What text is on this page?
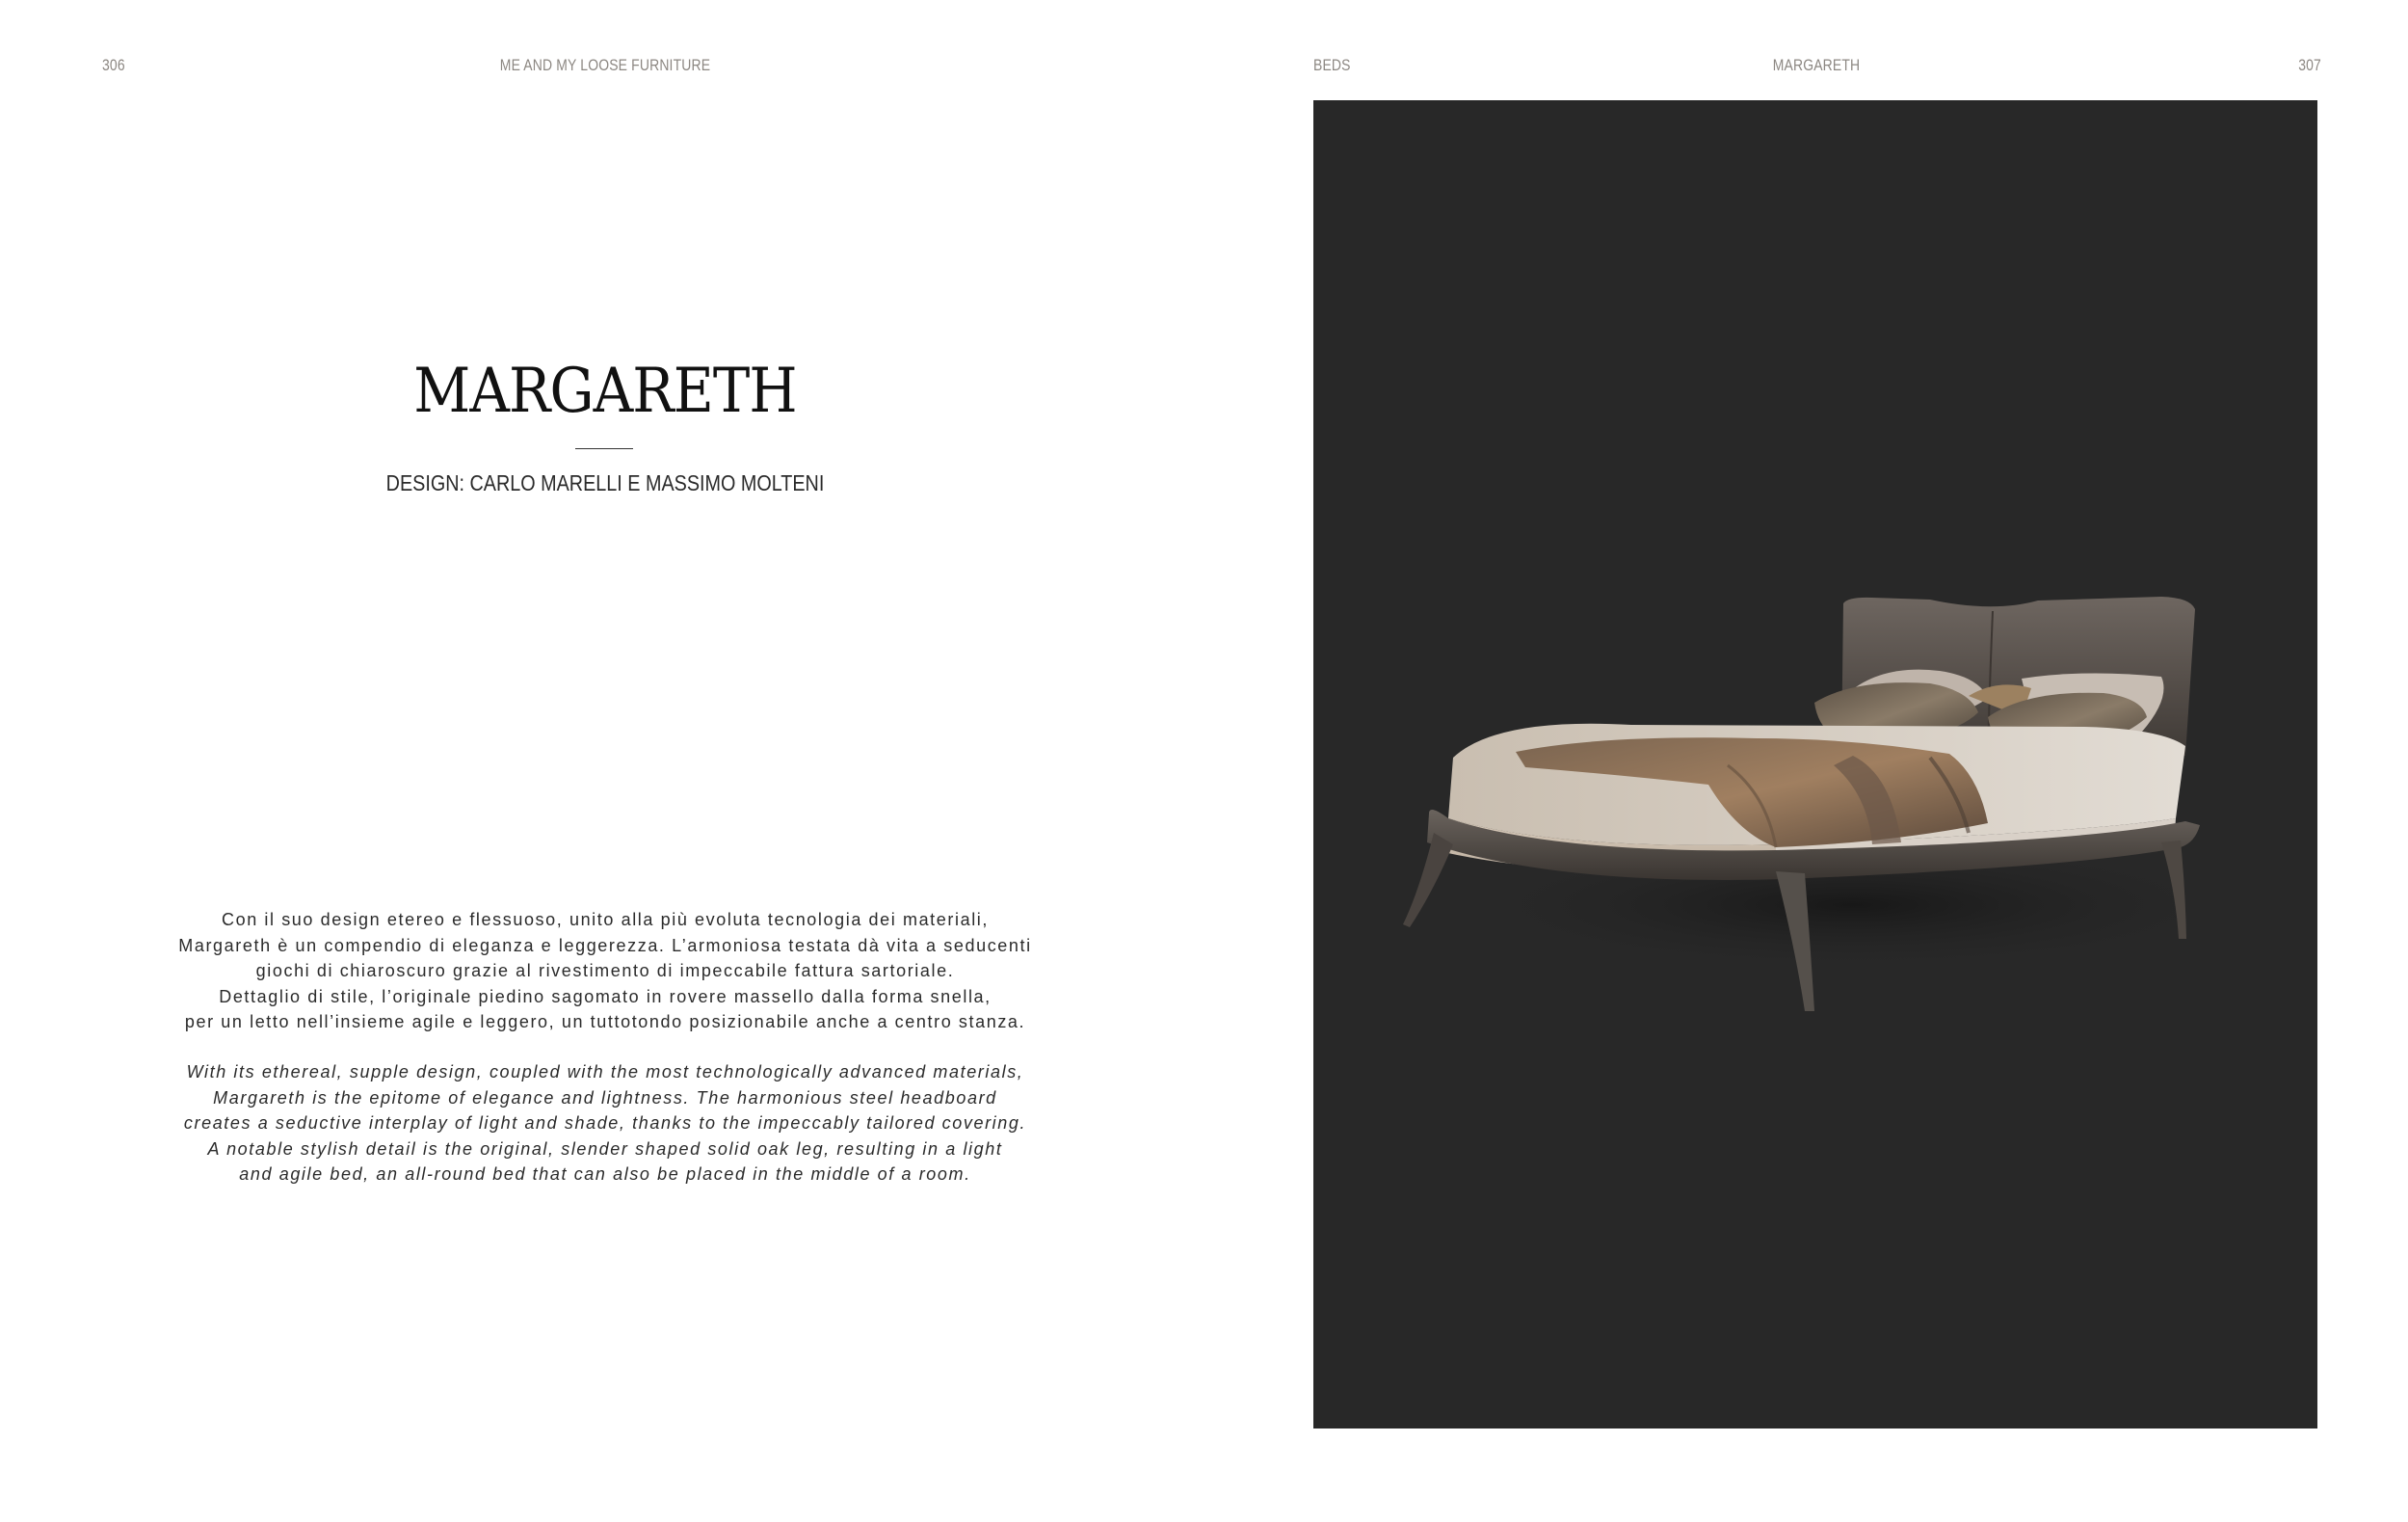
306	ME AND MY LOOSE FURNITURE	BEDS	MARGARETH	307
MARGARETH
DESIGN: CARLO MARELLI E MASSIMO MOLTENI
Con il suo design etereo e flessuoso, unito alla più evoluta tecnologia dei materiali,
Margareth è un compendio di eleganza e leggerezza. L’armoniosa testata dà vita a seducenti
giochi di chiaroscuro grazie al rivestimento di impeccabile fattura sartoriale.
Dettaglio di stile, l’originale piedino sagomato in rovere massello dalla forma snella,
per un letto nell’insieme agile e leggero, un tuttotondo posizionabile anche a centro stanza.
With its ethereal, supple design, coupled with the most technologically advanced materials,
Margareth is the epitome of elegance and lightness. The harmonious steel headboard
creates a seductive interplay of light and shade, thanks to the impeccably tailored covering.
A notable stylish detail is the original, slender shaped solid oak leg, resulting in a light
and agile bed, an all-round bed that can also be placed in the middle of a room.
